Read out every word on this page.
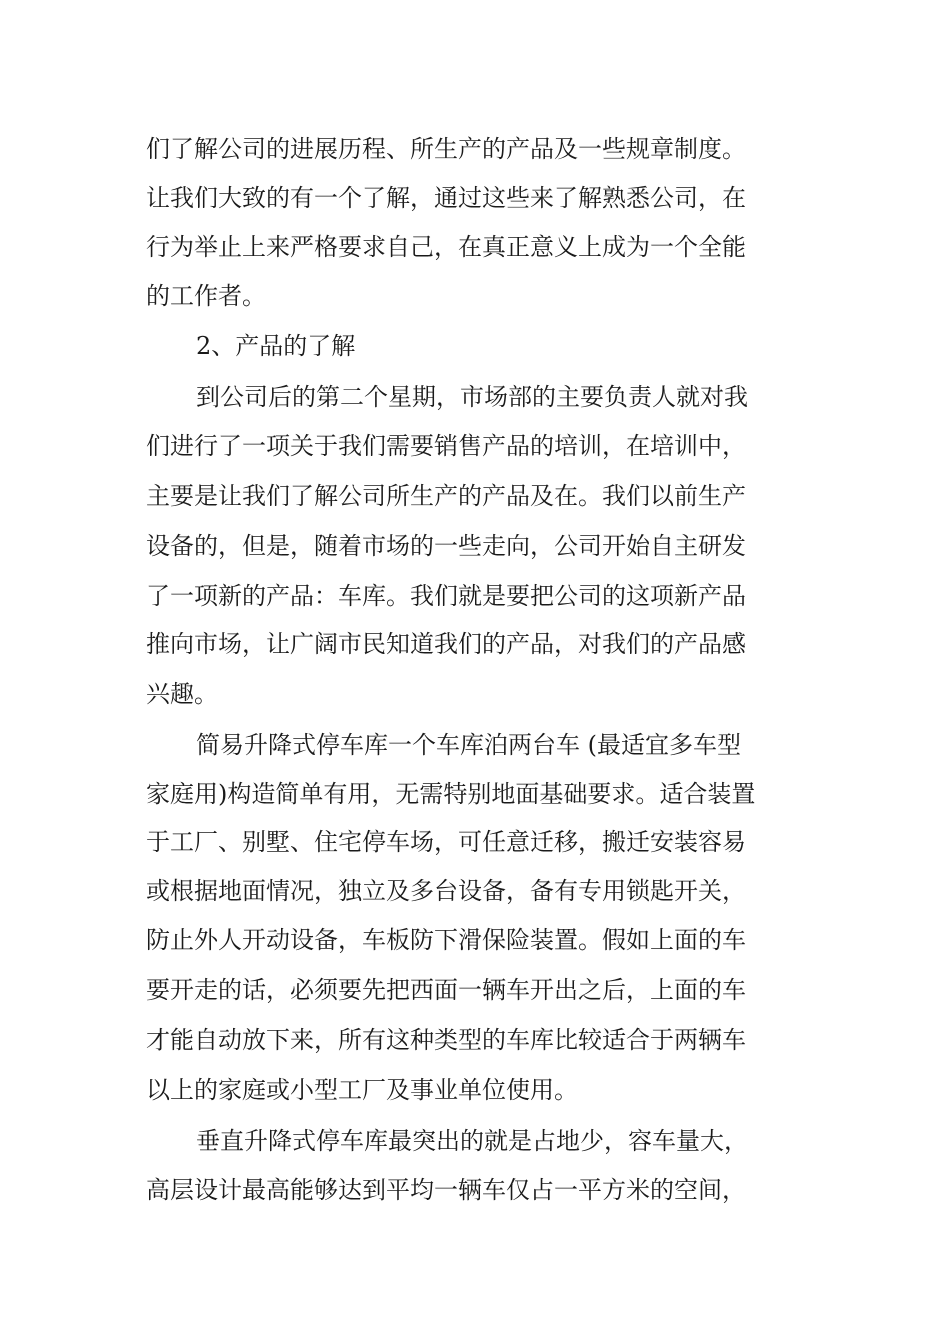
们了解公司的进展历程、所生产的产品及一些规章制度。

让我们大致的有一个了解，通过这些来了解熟悉公司，在

行为举止上来严格要求自己，在真正意义上成为一个全能

的工作者。

2、产品的了解

到公司后的第二个星期，市场部的主要负责人就对我

们进行了一项关于我们需要销售产品的培训，在培训中，

主要是让我们了解公司所生产的产品及在。我们以前生产

设备的，但是，随着市场的一些走向，公司开始自主研发

了一项新的产品：车库。我们就是要把公司的这项新产品

推向市场，让广阔市民知道我们的产品，对我们的产品感

兴趣。

简易升降式停车库一个车库泊两台车 (最适宜多车型

家庭用)构造简单有用，无需特别地面基础要求。适合装置

于工厂、别墅、住宅停车场，可任意迁移，搬迁安装容易

或根据地面情况，独立及多台设备，备有专用锁匙开关，

防止外人开动设备，车板防下滑保险装置。假如上面的车

要开走的话，必须要先把西面一辆车开出之后，上面的车

才能自动放下来，所有这种类型的车库比较适合于两辆车

以上的家庭或小型工厂及事业单位使用。

垂直升降式停车库最突出的就是占地少，容车量大，

高层设计最高能够达到平均一辆车仅占一平方米的空间，
